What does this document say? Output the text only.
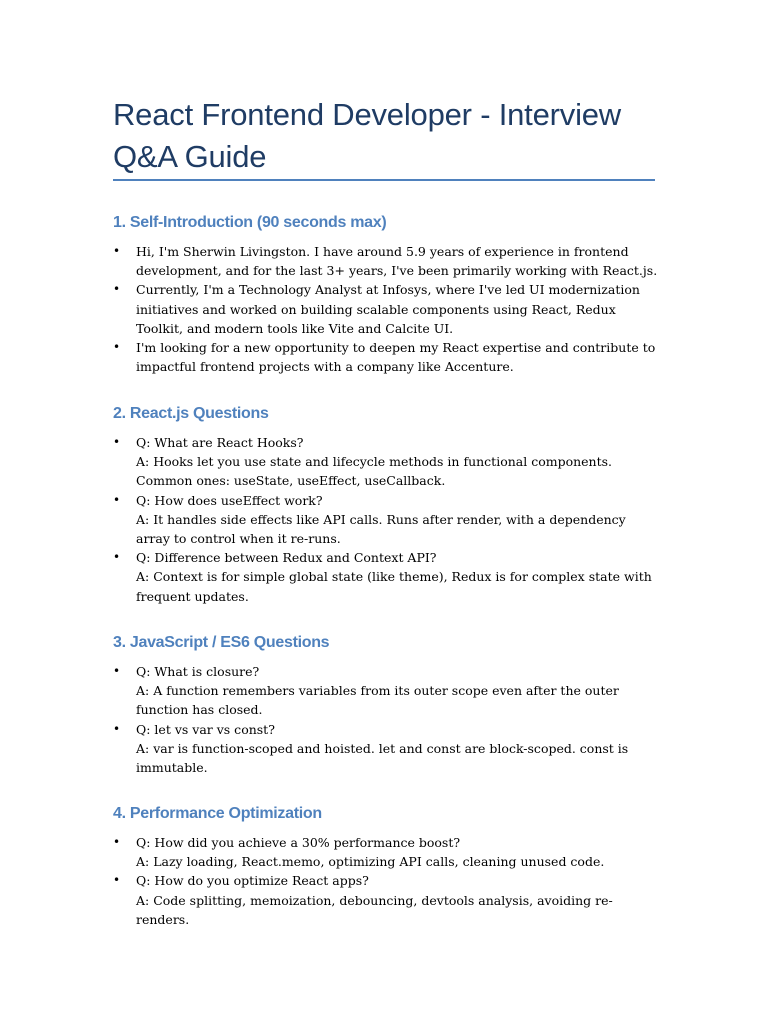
React Frontend Developer - Interview Q&A Guide
1. Self-Introduction (90 seconds max)
• Hi, I'm Sherwin Livingston. I have around 5.9 years of experience in frontend development, and for the last 3+ years, I've been primarily working with React.js.
• Currently, I'm a Technology Analyst at Infosys, where I've led UI modernization initiatives and worked on building scalable components using React, Redux Toolkit, and modern tools like Vite and Calcite UI.
• I'm looking for a new opportunity to deepen my React expertise and contribute to impactful frontend projects with a company like Accenture.
2. React.js Questions
• Q: What are React Hooks?
A: Hooks let you use state and lifecycle methods in functional components. Common ones: useState, useEffect, useCallback.
• Q: How does useEffect work?
A: It handles side effects like API calls. Runs after render, with a dependency array to control when it re-runs.
• Q: Difference between Redux and Context API?
A: Context is for simple global state (like theme), Redux is for complex state with frequent updates.
3. JavaScript / ES6 Questions
• Q: What is closure?
A: A function remembers variables from its outer scope even after the outer function has closed.
• Q: let vs var vs const?
A: var is function-scoped and hoisted. let and const are block-scoped. const is immutable.
4. Performance Optimization
• Q: How did you achieve a 30% performance boost?
A: Lazy loading, React.memo, optimizing API calls, cleaning unused code.
• Q: How do you optimize React apps?
A: Code splitting, memoization, debouncing, devtools analysis, avoiding re-renders.
